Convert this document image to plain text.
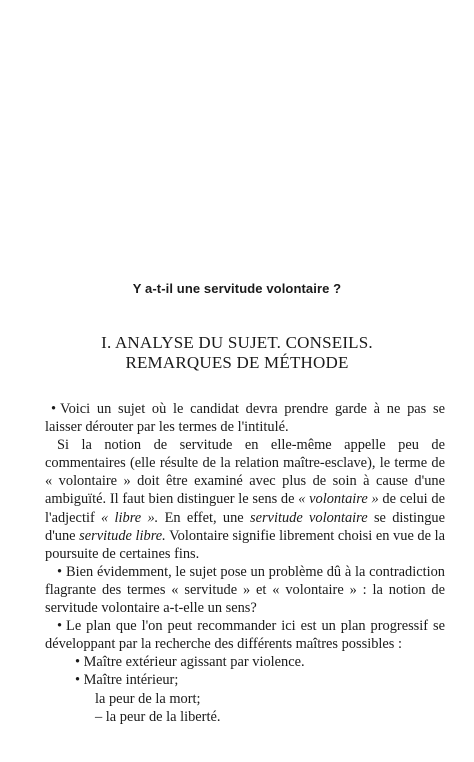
Y a-t-il une servitude volontaire ?
I. ANALYSE DU SUJET. CONSEILS.
REMARQUES DE MÉTHODE

• Voici un sujet où le candidat devra prendre garde à ne pas se laisser dérouter par les termes de l'intitulé.

Si la notion de servitude en elle-même appelle peu de commentaires (elle résulte de la relation maître-esclave), le terme de « volontaire » doit être examiné avec plus de soin à cause d'une ambiguïté. Il faut bien distinguer le sens de « volontaire » de celui de l'adjectif « libre ». En effet, une servitude volontaire se distingue d'une servitude libre. Volontaire signifie librement choisi en vue de la poursuite de certaines fins.

• Bien évidemment, le sujet pose un problème dû à la contradiction flagrante des termes « servitude » et « volontaire » : la notion de servitude volontaire a-t-elle un sens?

• Le plan que l'on peut recommander ici est un plan progressif se développant par la recherche des différents maîtres possibles :

• Maître extérieur agissant par violence.
• Maître intérieur;
la peur de la mort;
– la peur de la liberté.
